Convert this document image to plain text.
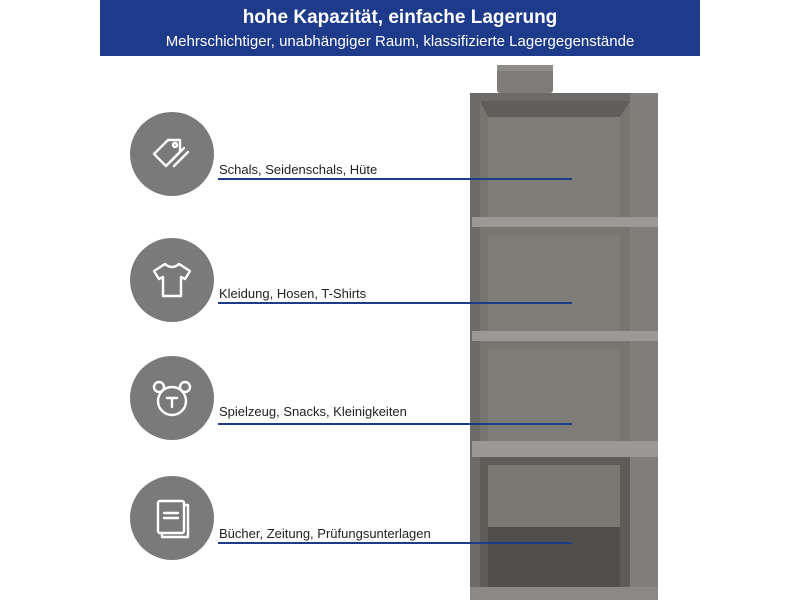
hohe Kapazität, einfache Lagerung
Mehrschichtiger, unabhängiger Raum, klassifizierte Lagergegenstände
Schals, Seidenschals, Hüte
Kleidung, Hosen, T-Shirts
Spielzeug, Snacks, Kleinigkeiten
Bücher, Zeitung, Prüfungsunterlagen
